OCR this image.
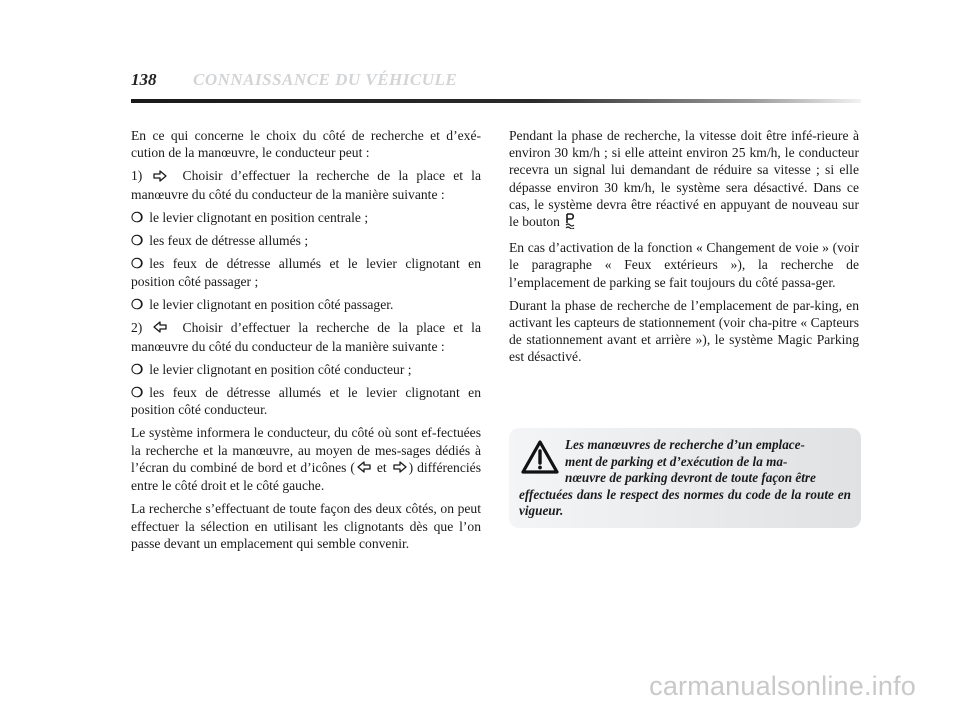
138 CONNAISSANCE DU VÉHICULE

En ce qui concerne le choix du côté de recherche et d’exé-cution de la manœuvre, le conducteur peut :

1)	Choisir d’effectuer la recherche de la place et la manœuvre du côté du conducteur de la manière suivante :

❍ le levier clignotant en position centrale ;

❍ les feux de détresse allumés ;

❍ les feux de détresse allumés et le levier clignotant en position côté passager ;

❍ le levier clignotant en position côté passager.

2)	Choisir d’effectuer la recherche de la place et la manœuvre du côté du conducteur de la manière suivante :

❍ le levier clignotant en position côté conducteur ;

❍ les feux de détresse allumés et le levier clignotant en position côté conducteur.

Le système informera le conducteur, du côté où sont ef-fectuées la recherche et la manœuvre, au moyen de mes-sages dédiés à l’écran du combiné de bord et d’icônes ( et ) différenciés entre le côté droit et le côté gauche.

La recherche s’effectuant de toute façon des deux côtés, on peut effectuer la sélection en utilisant les clignotants dès que l’on passe devant un emplacement qui semble convenir.

Pendant la phase de recherche, la vitesse doit être infé-rieure à environ 30 km/h ; si elle atteint environ 25 km/h, le conducteur recevra un signal lui demandant de réduire sa vitesse ; si elle dépasse environ 30 km/h, le système sera désactivé. Dans ce cas, le système devra être réactivé en appuyant de nouveau sur le bouton

En cas d’activation de la fonction « Changement de voie » (voir le paragraphe « Feux extérieurs »), la recherche de l’emplacement de parking se fait toujours du côté passa-ger.

Durant la phase de recherche de l’emplacement de par-king, en activant les capteurs de stationnement (voir cha-pitre « Capteurs de stationnement avant et arrière »), le système Magic Parking est désactivé.

Les manœuvres de recherche d’un emplace-
ment de parking et d’exécution de la ma-
nœuvre de parking devront de toute façon être
effectuées dans le respect des normes du code de la route en vigueur.
carmanualsonline.info
